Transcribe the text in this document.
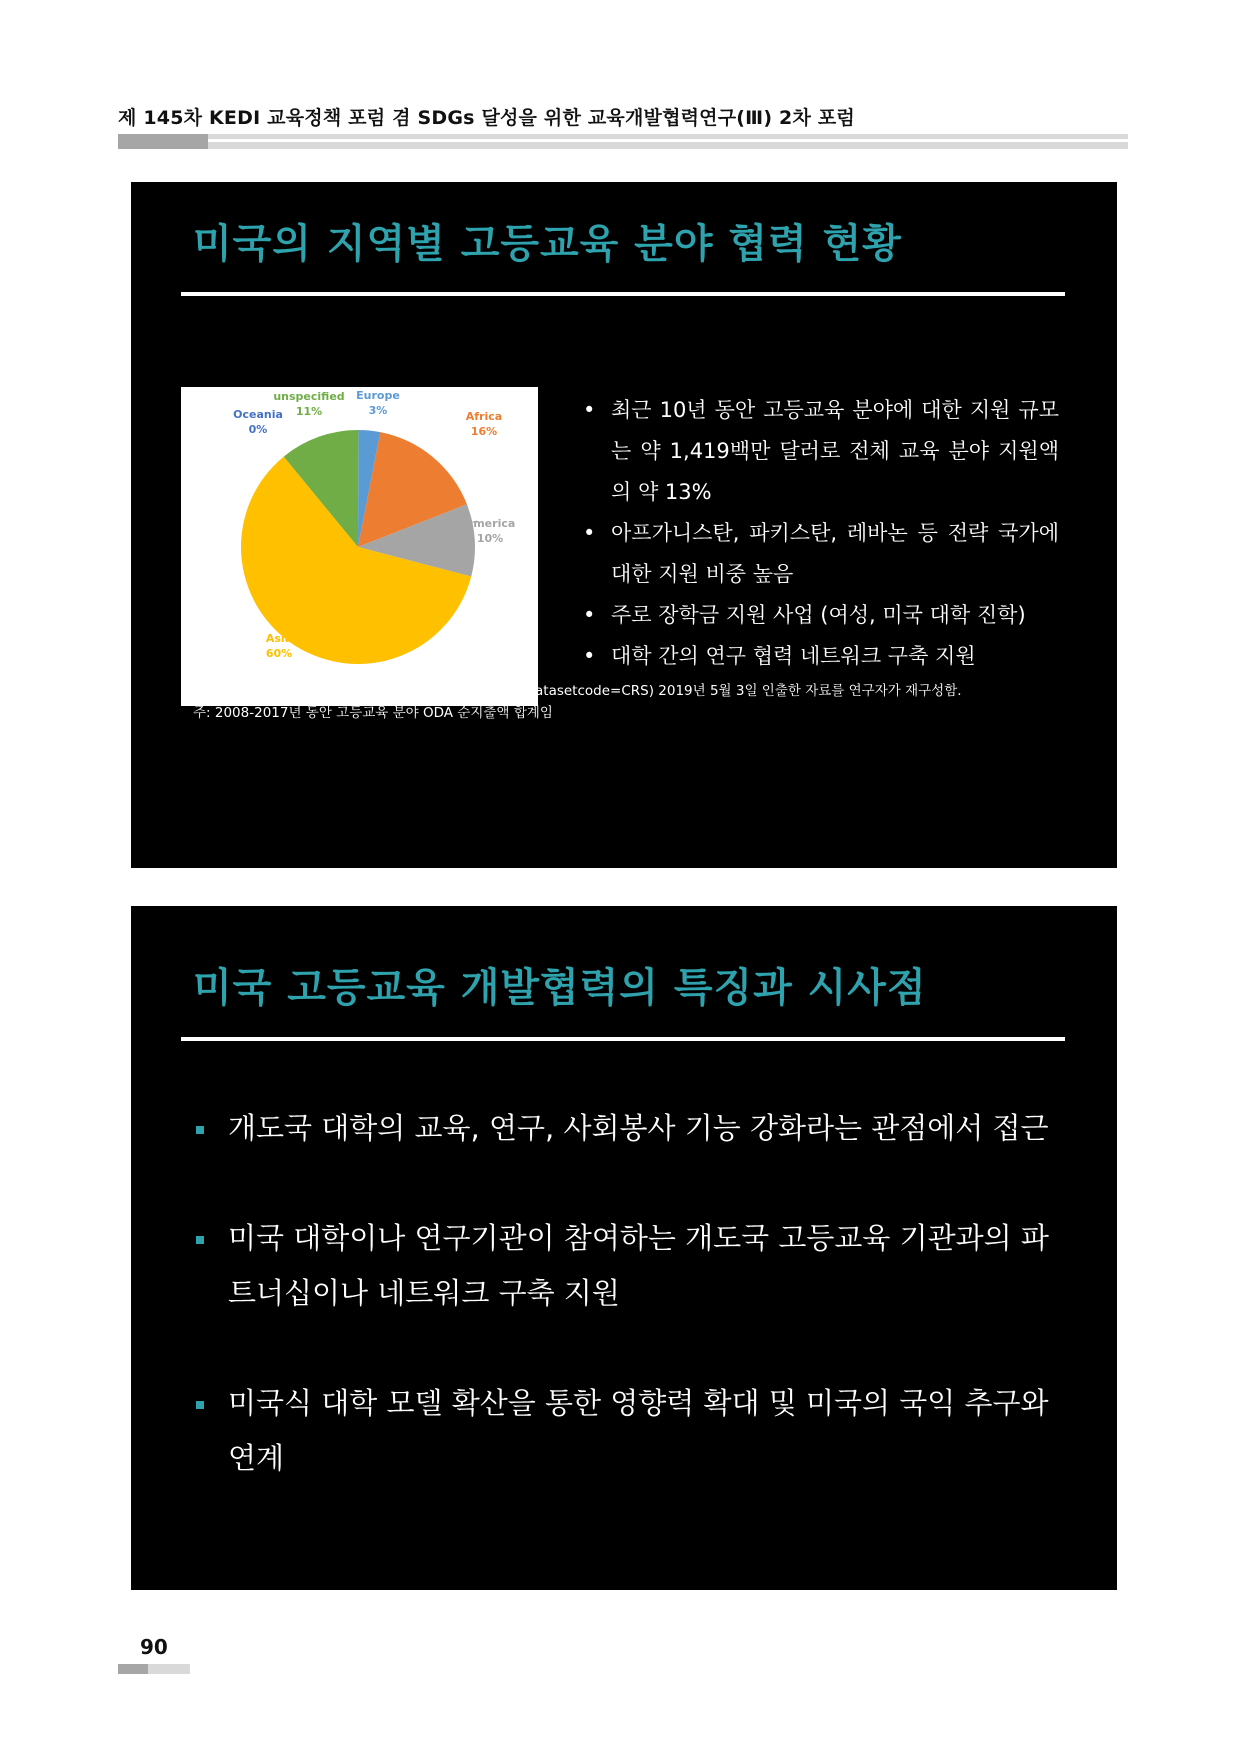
제 145차 KEDI 교육정책 포럼 겸 SDGs 달성을 위한 교육개발협력연구(Ⅲ) 2차 포럼
미국의 지역별 고등교육 분야 협력 현황
Europe
3%	Africa
16%
America
10%
Asia
60%
Oceania
0%
unspecified
11%	• 최근 10년 동안 고등교육 분야에 대한 지원 규모는 약 1,419백만 달러로 전체 교육 분야 지원액의 약 13%
• 아프가니스탄, 파키스탄, 레바논 등 전략 국가에 대한 지원 비중 높음
• 주로 장학금 지원 사업 (여성, 미국 대학 진학)
• 대학 간의 연구 협력 네트워크 구축 지원
출처: OECD CRS(http://stats.oecd.org/Index.aspx?datasetcode=CRS) 2019년 5월 3일 인출한 자료를 연구자가 재구성함.
주: 2008-2017년 동안 고등교육 분야 ODA 순지출액 합계임
미국 고등교육 개발협력의 특징과 시사점
개도국 대학의 교육, 연구, 사회봉사 기능 강화라는 관점에서 접근
미국 대학이나 연구기관이 참여하는 개도국 고등교육 기관과의 파트너십이나 네트워크 구축 지원
미국식 대학 모델 확산을 통한 영향력 확대 및 미국의 국익 추구와 연계
90
